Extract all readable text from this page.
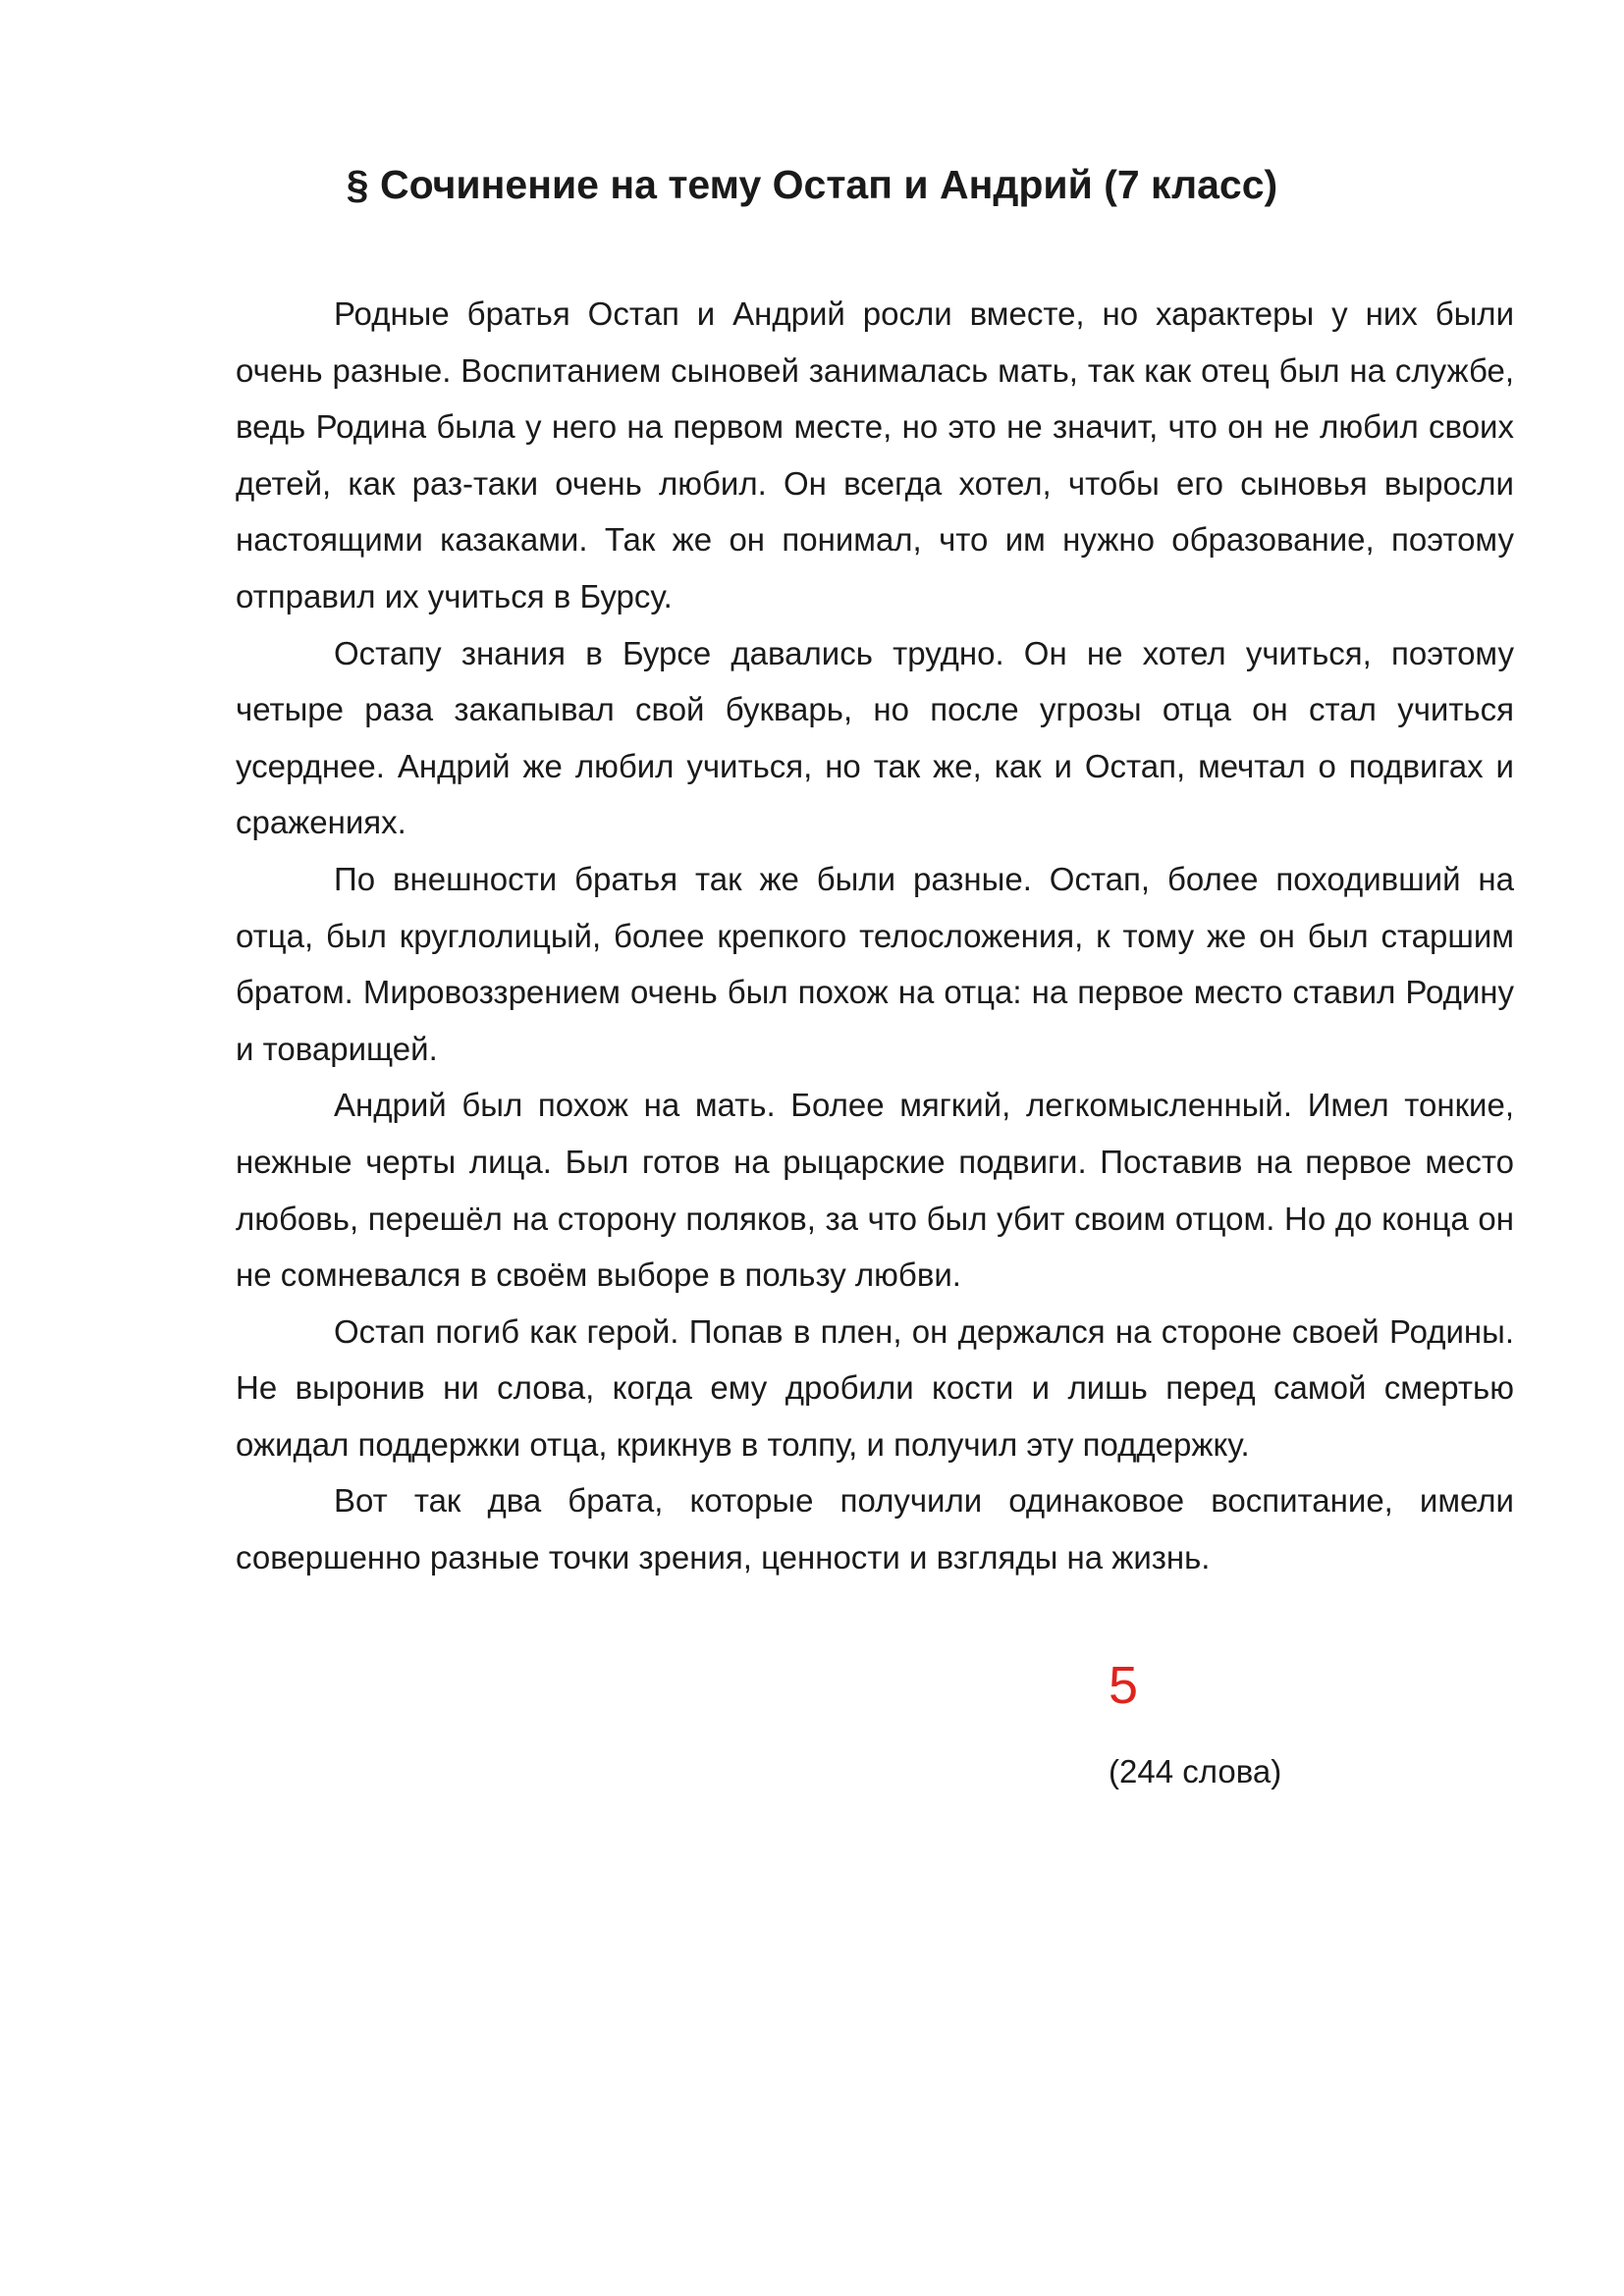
§ Сочинение на тему Остап и Андрий (7 класс)

Родные братья Остап и Андрий росли вместе, но характеры у них были очень разные. Воспитанием сыновей занималась мать, так как отец был на службе, ведь Родина была у него на первом месте, но это не значит, что он не любил своих детей, как раз-таки очень любил. Он всегда хотел, чтобы его сыновья выросли настоящими казаками. Так же он понимал, что им нужно образование, поэтому отправил их учиться в Бурсу.

Остапу знания в Бурсе давались трудно. Он не хотел учиться, поэтому четыре раза закапывал свой букварь, но после угрозы отца он стал учиться усерднее. Андрий же любил учиться, но так же, как и Остап, мечтал о подвигах и сражениях.

По внешности братья так же были разные. Остап, более походивший на отца, был круглолицый, более крепкого телосложения, к тому же он был старшим братом. Мировоззрением очень был похож на отца: на первое место ставил Родину и товарищей.

Андрий был похож на мать. Более мягкий, легкомысленный. Имел тонкие, нежные черты лица. Был готов на рыцарские подвиги. Поставив на первое место любовь, перешёл на сторону поляков, за что был убит своим отцом. Но до конца он не сомневался в своём выборе в пользу любви.

Остап погиб как герой. Попав в плен, он держался на стороне своей Родины. Не выронив ни слова, когда ему дробили кости и лишь перед самой смертью ожидал поддержки отца, крикнув в толпу, и получил эту поддержку.

Вот так два брата, которые получили одинаковое воспитание, имели совершенно разные точки зрения, ценности и взгляды на жизнь.

5
(244 слова)
